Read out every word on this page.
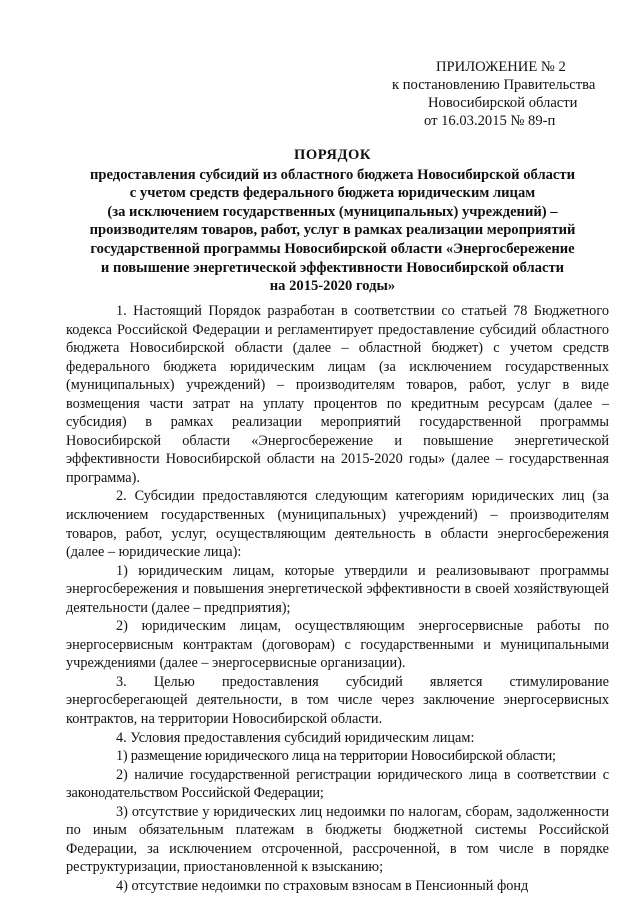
ПРИЛОЖЕНИЕ № 2
к постановлению Правительства
Новосибирской области
от 16.03.2015 № 89-п
ПОРЯДОК
предоставления субсидий из областного бюджета Новосибирской области
с учетом средств федерального бюджета юридическим лицам
(за исключением государственных (муниципальных) учреждений) –
производителям товаров, работ, услуг в рамках реализации мероприятий
государственной программы Новосибирской области «Энергосбережение
и повышение энергетической эффективности Новосибирской области
на 2015-2020 годы»

1. Настоящий Порядок разработан в соответствии со статьей 78 Бюджетного кодекса Российской Федерации и регламентирует предоставление субсидий областного бюджета Новосибирской области (далее – областной бюджет) с учетом средств федерального бюджета юридическим лицам (за исключением государственных (муниципальных) учреждений) – производителям товаров, работ, услуг в виде возмещения части затрат на уплату процентов по кредитным ресурсам (далее – субсидия) в рамках реализации мероприятий государственной программы Новосибирской области «Энергосбережение и повышение энергетической эффективности Новосибирской области на 2015-2020 годы» (далее – государственная программа).

2. Субсидии предоставляются следующим категориям юридических лиц (за исключением государственных (муниципальных) учреждений) – производителям товаров, работ, услуг, осуществляющим деятельность в области энергосбережения (далее – юридические лица):

1) юридическим лицам, которые утвердили и реализовывают программы энергосбережения и повышения энергетической эффективности в своей хозяйствующей деятельности (далее – предприятия);

2) юридическим лицам, осуществляющим энергосервисные работы по энергосервисным контрактам (договорам) с государственными и муниципальными учреждениями (далее – энергосервисные организации).

3. Целью предоставления субсидий является стимулирование энергосберегающей деятельности, в том числе через заключение энергосервисных контрактов, на территории Новосибирской области.

4. Условия предоставления субсидий юридическим лицам:

1) размещение юридического лица на территории Новосибирской области;

2) наличие государственной регистрации юридического лица в соответствии с законодательством Российской Федерации;

3) отсутствие у юридических лиц недоимки по налогам, сборам, задолженности по иным обязательным платежам в бюджеты бюджетной системы Российской Федерации, за исключением отсроченной, рассроченной, в том числе в порядке реструктуризации, приостановленной к взысканию;

4) отсутствие недоимки по страховым взносам в Пенсионный фонд
